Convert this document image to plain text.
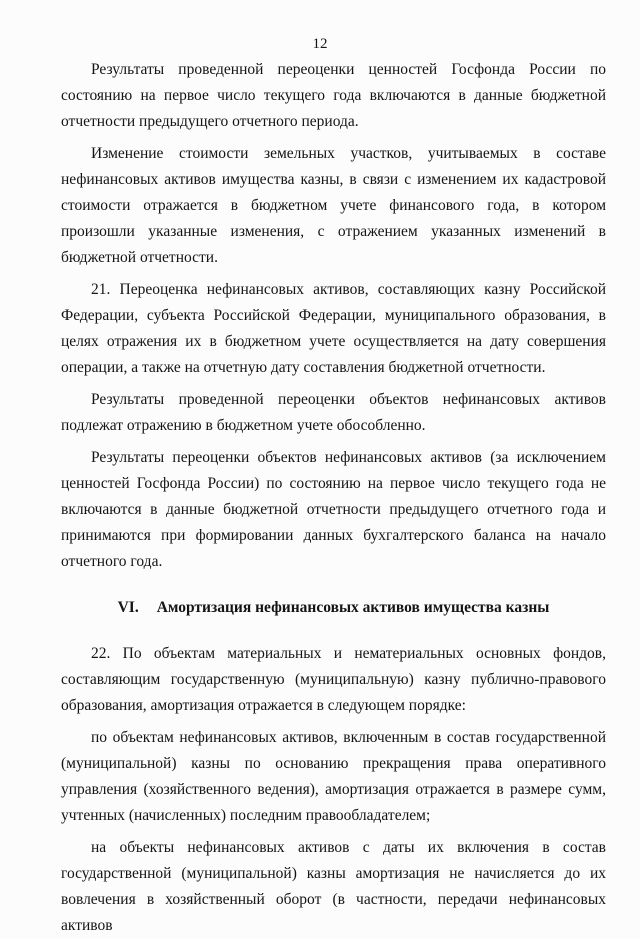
12

Результаты проведенной переоценки ценностей Госфонда России по состоянию на первое число текущего года включаются в данные бюджетной отчетности предыдущего отчетного периода.

Изменение стоимости земельных участков, учитываемых в составе нефинансовых активов имущества казны, в связи с изменением их кадастровой стоимости отражается в бюджетном учете финансового года, в котором произошли указанные изменения, с отражением указанных изменений в бюджетной отчетности.

21. Переоценка нефинансовых активов, составляющих казну Российской Федерации, субъекта Российской Федерации, муниципального образования, в целях отражения их в бюджетном учете осуществляется на дату совершения операции, а также на отчетную дату составления бюджетной отчетности.

Результаты проведенной переоценки объектов нефинансовых активов подлежат отражению в бюджетном учете обособленно.

Результаты переоценки объектов нефинансовых активов (за исключением ценностей Госфонда России) по состоянию на первое число текущего года не включаются в данные бюджетной отчетности предыдущего отчетного года и принимаются при формировании данных бухгалтерского баланса на начало отчетного года.

VI. Амортизация нефинансовых активов имущества казны

22. По объектам материальных и нематериальных основных фондов, составляющим государственную (муниципальную) казну публично-правового образования, амортизация отражается в следующем порядке:

по объектам нефинансовых активов, включенным в состав государственной (муниципальной) казны по основанию прекращения права оперативного управления (хозяйственного ведения), амортизация отражается в размере сумм, учтенных (начисленных) последним правообладателем;

на объекты нефинансовых активов с даты их включения в состав государственной (муниципальной) казны амортизация не начисляется до их вовлечения в хозяйственный оборот (в частности, передачи нефинансовых активов
